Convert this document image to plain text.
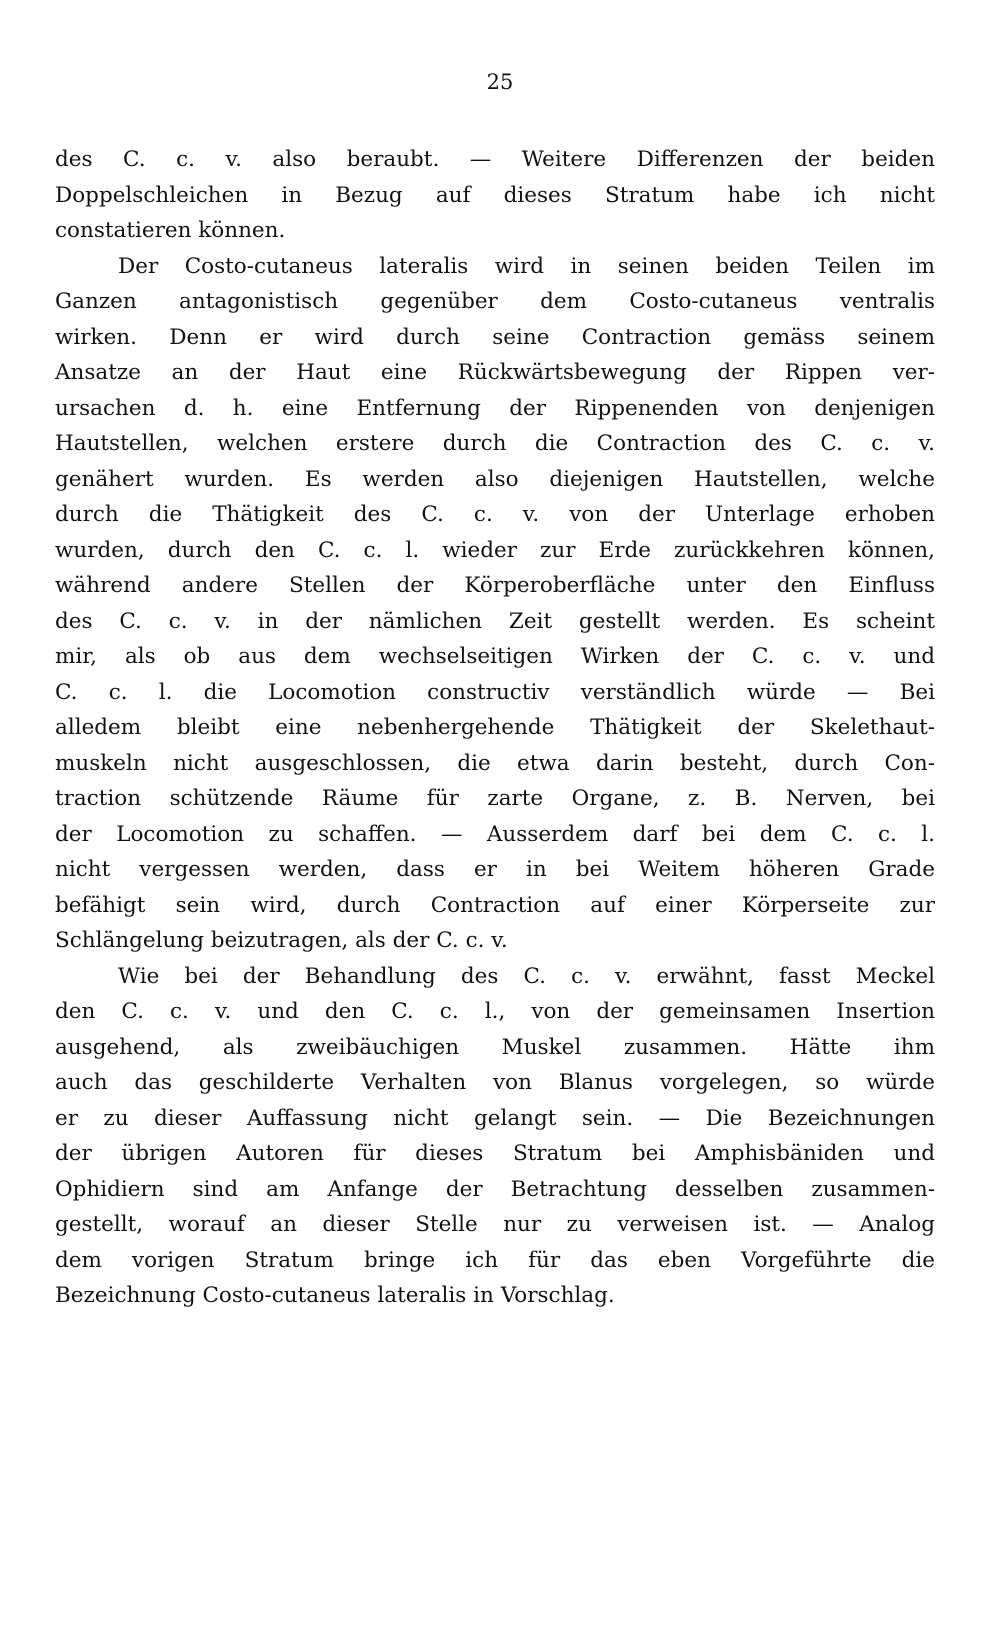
25
des C. c. v. also beraubt. — Weitere Differenzen der beiden
Doppelschleichen in Bezug auf dieses Stratum habe ich nicht
constatieren können.
Der Costo-cutaneus lateralis wird in seinen beiden Teilen im
Ganzen antagonistisch gegenüber dem Costo-cutaneus ventralis
wirken. Denn er wird durch seine Contraction gemäss seinem
Ansatze an der Haut eine Rückwärtsbewegung der Rippen ver-
ursachen d. h. eine Entfernung der Rippenenden von denjenigen
Hautstellen, welchen erstere durch die Contraction des C. c. v.
genähert wurden. Es werden also diejenigen Hautstellen, welche
durch die Thätigkeit des C. c. v. von der Unterlage erhoben
wurden, durch den C. c. l. wieder zur Erde zurückkehren können,
während andere Stellen der Körperoberfläche unter den Einfluss
des C. c. v. in der nämlichen Zeit gestellt werden. Es scheint
mir, als ob aus dem wechselseitigen Wirken der C. c. v. und
C. c. l. die Locomotion constructiv verständlich würde — Bei
alledem bleibt eine nebenhergehende Thätigkeit der Skelethaut-
muskeln nicht ausgeschlossen, die etwa darin besteht, durch Con-
traction schützende Räume für zarte Organe, z. B. Nerven, bei
der Locomotion zu schaffen. — Ausserdem darf bei dem C. c. l.
nicht vergessen werden, dass er in bei Weitem höheren Grade
befähigt sein wird, durch Contraction auf einer Körperseite zur
Schlängelung beizutragen, als der C. c. v.
Wie bei der Behandlung des C. c. v. erwähnt, fasst Meckel
den C. c. v. und den C. c. l., von der gemeinsamen Insertion
ausgehend, als zweibäuchigen Muskel zusammen. Hätte ihm
auch das geschilderte Verhalten von Blanus vorgelegen, so würde
er zu dieser Auffassung nicht gelangt sein. — Die Bezeichnungen
der übrigen Autoren für dieses Stratum bei Amphisbäniden und
Ophidiern sind am Anfange der Betrachtung desselben zusammen-
gestellt, worauf an dieser Stelle nur zu verweisen ist. — Analog
dem vorigen Stratum bringe ich für das eben Vorgeführte die
Bezeichnung Costo-cutaneus lateralis in Vorschlag.
